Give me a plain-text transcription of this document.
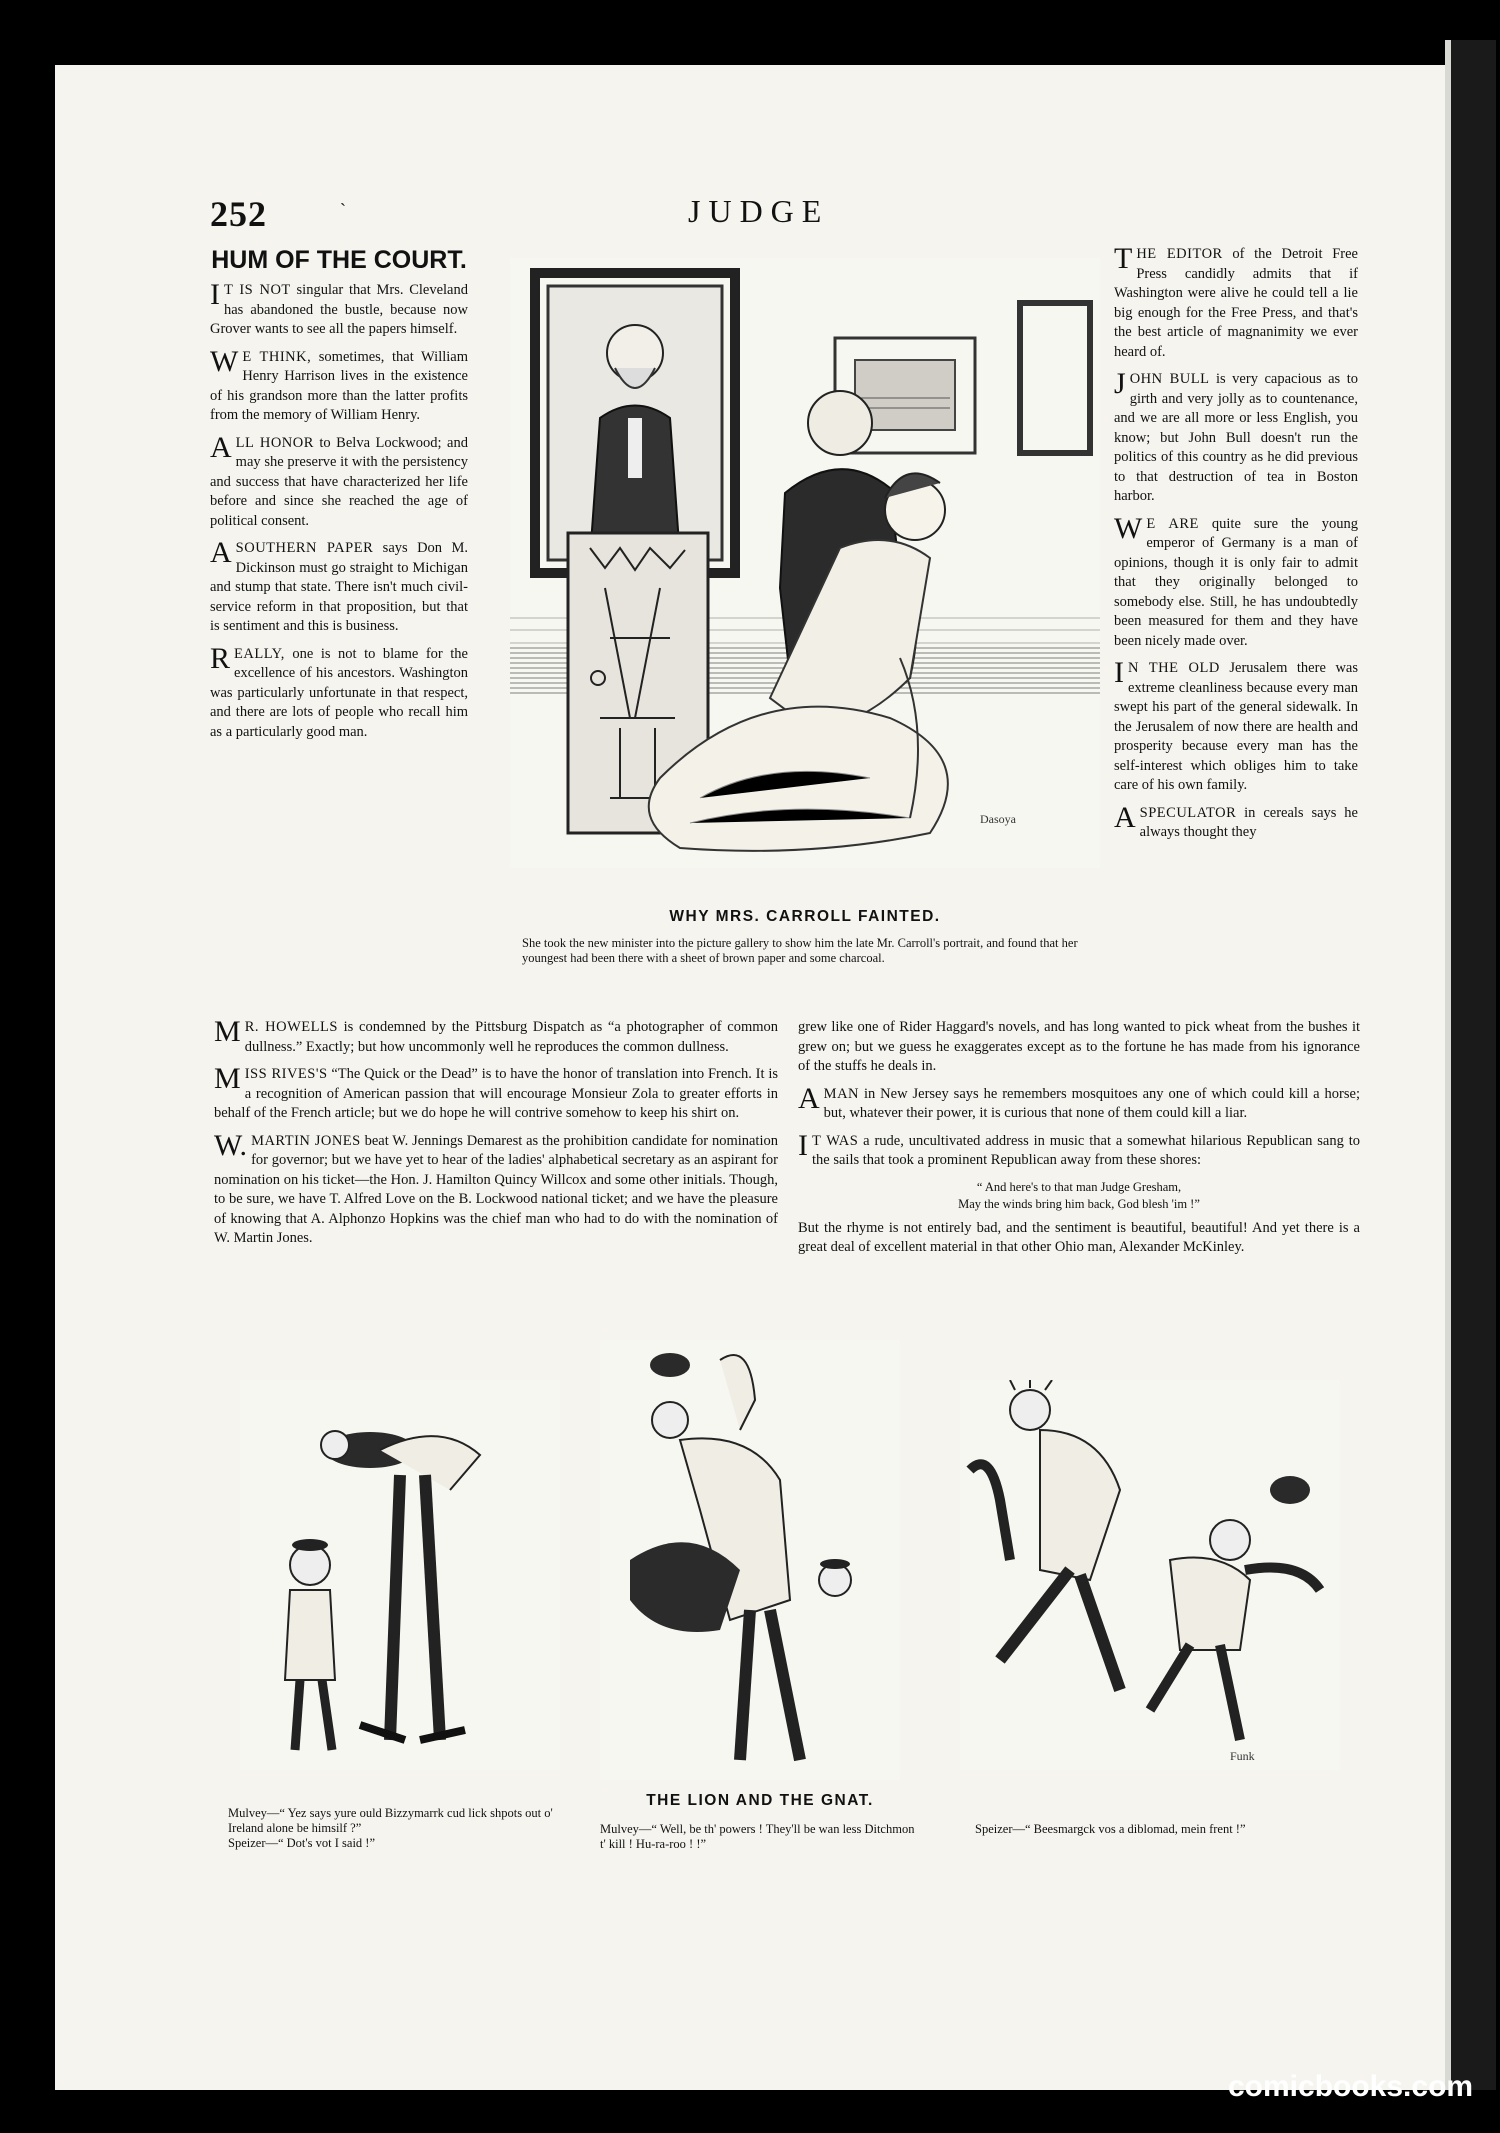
252	ˋ	JUDGE
HUM OF THE COURT.

I T IS NOT singular that Mrs. Cleveland has abandoned the bustle, because now Grover wants to see all the papers himself.

W E THINK, sometimes, that William Henry Harrison lives in the existence of his grandson more than the latter profits from the memory of William Henry.

ALL HONOR to Belva Lockwood; and may she preserve it with the persistency and success that have characterized her life before and since she reached the age of political consent.

A SOUTHERN PAPER says Don M. Dickinson must go straight to Michigan and stump that state. There isn't much civil-service reform in that proposition, but that is sentiment and this is business.

REALLY, one is not to blame for the excellence of his ancestors. Washington was particularly unfortunate in that respect, and there are lots of people who recall him as a particularly good man.

Dasoya
WHY MRS. CARROLL FAINTED.
She took the new minister into the picture gallery to show him the late Mr. Carroll's portrait, and found that her youngest had been there with a sheet of brown paper and some charcoal.

THE EDITOR of the Detroit Free Press candidly admits that if Washington were alive he could tell a lie big enough for the Free Press, and that's the best article of magnanimity we ever heard of.

JOHN BULL is very capacious as to girth and very jolly as to countenance, and we are all more or less English, you know; but John Bull doesn't run the politics of this country as he did previous to that destruction of tea in Boston harbor.

W E ARE quite sure the young emperor of Germany is a man of opinions, though it is only fair to admit that they originally belonged to somebody else. Still, he has undoubtedly been measured for them and they have been nicely made over.

I N THE OLD Jerusalem there was extreme cleanliness because every man swept his part of the general sidewalk. In the Jerusalem of now there are health and prosperity because every man has the self-interest which obliges him to take care of his own family.

A SPECULATOR in cereals says he always thought they

M R. HOWELLS is condemned by the Pittsburg Dispatch as “a photographer of common dullness.” Exactly; but how uncommonly well he reproduces the common dullness.

MISS RIVES'S “The Quick or the Dead” is to have the honor of translation into French. It is a recognition of American passion that will encourage Monsieur Zola to greater efforts in behalf of the French article; but we do hope he will contrive somehow to keep his shirt on.

W. MARTIN JONES beat W. Jennings Demarest as the prohibition candidate for nomination for governor; but we have yet to hear of the ladies' alphabetical secretary as an aspirant for nomination on his ticket—the Hon. J. Hamilton Quincy Willcox and some other initials. Though, to be sure, we have T. Alfred Love on the B. Lockwood national ticket; and we have the pleasure of knowing that A. Alphonzo Hopkins was the chief man who had to do with the nomination of W. Martin Jones.

grew like one of Rider Haggard's novels, and has long wanted to pick wheat from the bushes it grew on; but we guess he exaggerates except as to the fortune he has made from his ignorance of the stuffs he deals in.

A MAN in New Jersey says he remembers mosquitoes any one of which could kill a horse; but, whatever their power, it is curious that none of them could kill a liar.

I T WAS a rude, uncultivated address in music that a somewhat hilarious Republican sang to the sails that took a prominent Republican away from these shores:

“ And here's to that man Judge Gresham,
May the winds bring him back, God blesh 'im !”

But the rhyme is not entirely bad, and the sentiment is beautiful, beautiful! And yet there is a great deal of excellent material in that other Ohio man, Alexander McKinley.

Funk
THE LION AND THE GNAT.
Mulvey—“ Yez says yure ould Bizzymarrk cud lick shpots out o' Ireland alone be himsilf ?”
Speizer—“ Dot's vot I said !”
Mulvey—“ Well, be th' powers ! They'll be wan less Ditchmon t' kill ! Hu-ra-roo ! !”
Speizer—“ Beesmargck vos a diblomad, mein frent !”
comicbooks.com
